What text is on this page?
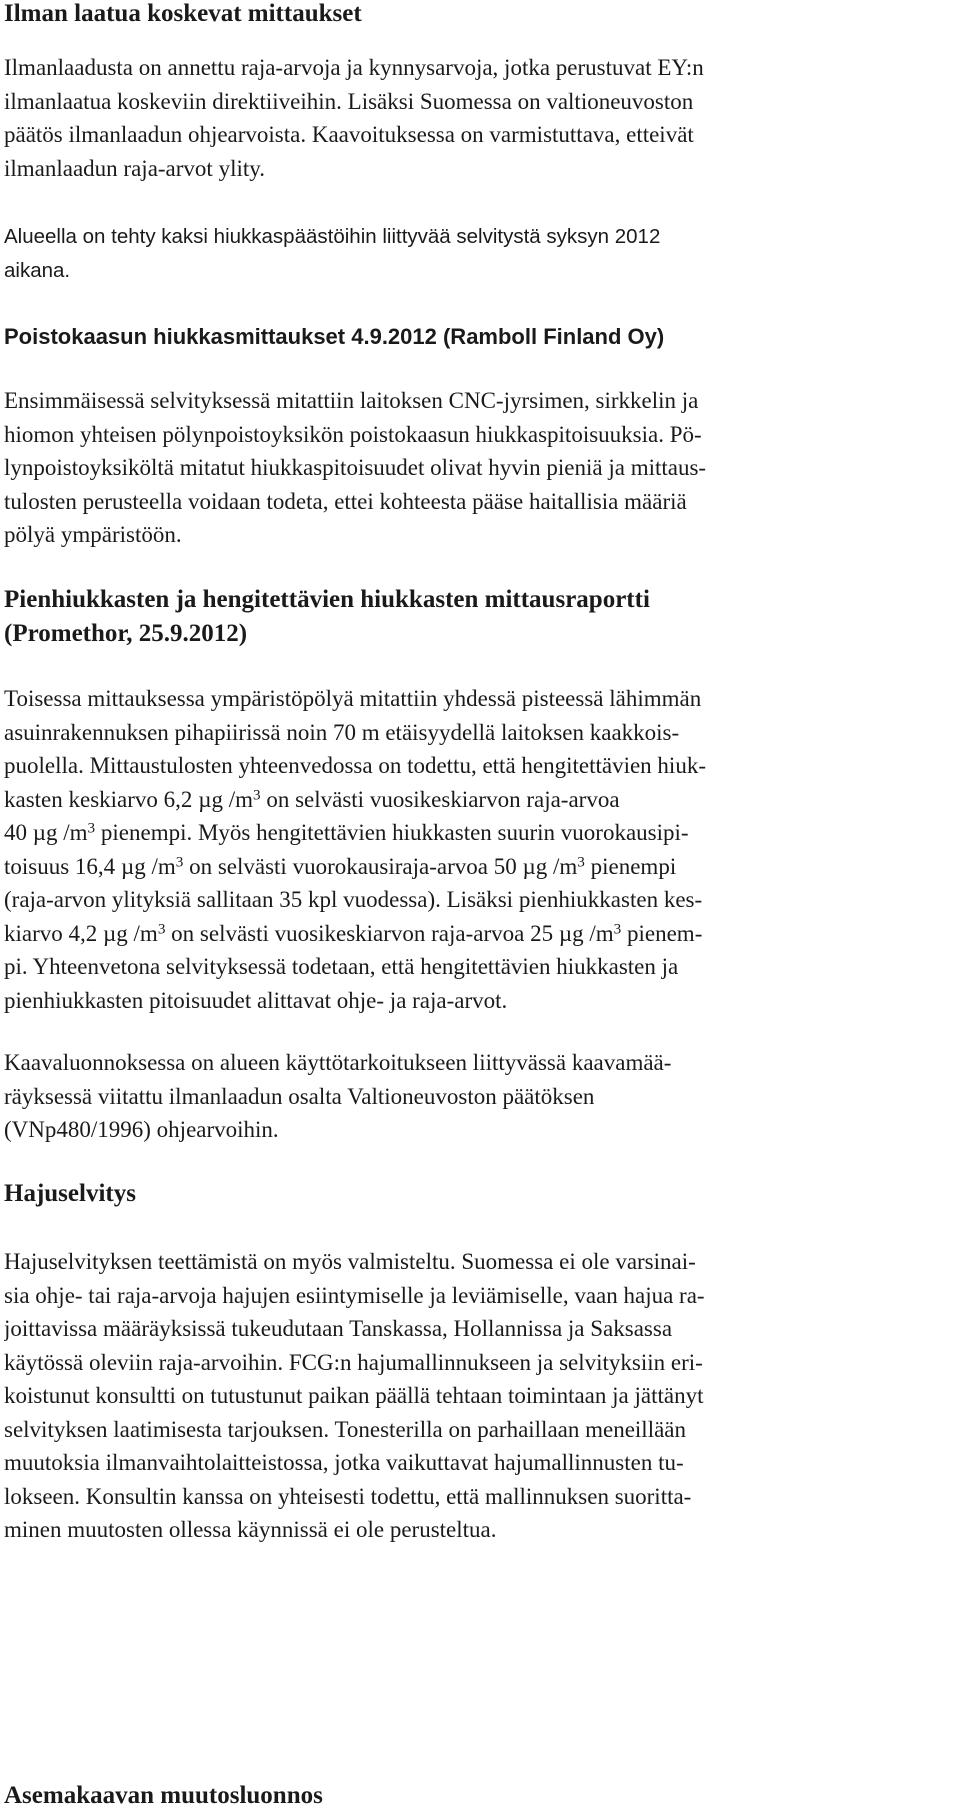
Ilman laatua koskevat mittaukset

Ilmanlaadusta on annettu raja-arvoja ja kynnysarvoja, jotka perustuvat EY:n
ilmanlaatua koskeviin direktiiveihin. Lisäksi Suomessa on valtioneuvoston
päätös ilmanlaadun ohjearvoista. Kaavoituksessa on varmistuttava, etteivät
ilmanlaadun raja-arvot ylity.

Alueella on tehty kaksi hiukkaspäästöihin liittyvää selvitystä syksyn 2012
aikana.

Poistokaasun hiukkasmittaukset 4.9.2012 (Ramboll Finland Oy)

Ensimmäisessä selvityksessä mitattiin laitoksen CNC-jyrsimen, sirkkelin ja
hiomon yhteisen pölynpoistoyksikön poistokaasun hiukkaspitoisuuksia. Pö-
lynpoistoyksiköltä mitatut hiukkaspitoisuudet olivat hyvin pieniä ja mittaus-
tulosten perusteella voidaan todeta, ettei kohteesta pääse haitallisia määriä
pölyä ympäristöön.

Pienhiukkasten ja hengitettävien hiukkasten mittausraportti
(Promethor, 25.9.2012)

Toisessa mittauksessa ympäristöpölyä mitattiin yhdessä pisteessä lähimmän
asuinrakennuksen pihapiirissä noin 70 m etäisyydellä laitoksen kaakkois-
puolella. Mittaustulosten yhteenvedossa on todettu, että hengitettävien hiuk-
kasten keskiarvo 6,2 µg $/m^3$ on selvästi vuosikeskiarvon raja-arvoa
40 µg $/m^3$ pienempi. Myös hengitettävien hiukkasten suurin vuorokausipi-
toisuus 16,4 µg $/m^3$ on selvästi vuorokausiraja-arvoa 50 µg $/m^3$ pienempi
(raja-arvon ylityksiä sallitaan 35 kpl vuodessa). Lisäksi pienhiukkasten kes-
kiarvo 4,2 µg $/m^3$ on selvästi vuosikeskiarvon raja-arvoa 25 µg $/m^3$ pienem-
pi. Yhteenvetona selvityksessä todetaan, että hengitettävien hiukkasten ja
pienhiukkasten pitoisuudet alittavat ohje- ja raja-arvot.

Kaavaluonnoksessa on alueen käyttötarkoitukseen liittyvässä kaavamää-
räyksessä viitattu ilmanlaadun osalta Valtioneuvoston päätöksen
(VNp480/1996) ohjearvoihin.

Hajuselvitys

Hajuselvityksen teettämistä on myös valmisteltu. Suomessa ei ole varsinai-
sia ohje- tai raja-arvoja hajujen esiintymiselle ja leviämiselle, vaan hajua ra-
joittavissa määräyksissä tukeudutaan Tanskassa, Hollannissa ja Saksassa
käytössä oleviin raja-arvoihin. FCG:n hajumallinnukseen ja selvityksiin eri-
koistunut konsultti on tutustunut paikan päällä tehtaan toimintaan ja jättänyt
selvityksen laatimisesta tarjouksen. Tonesterilla on parhaillaan meneillään
muutoksia ilmanvaihtolaitteistossa, jotka vaikuttavat hajumallinnusten tu-
lokseen. Konsultin kanssa on yhteisesti todettu, että mallinnuksen suoritta-
minen muutosten ollessa käynnissä ei ole perusteltua.

Asemakaavan muutosluonnos
